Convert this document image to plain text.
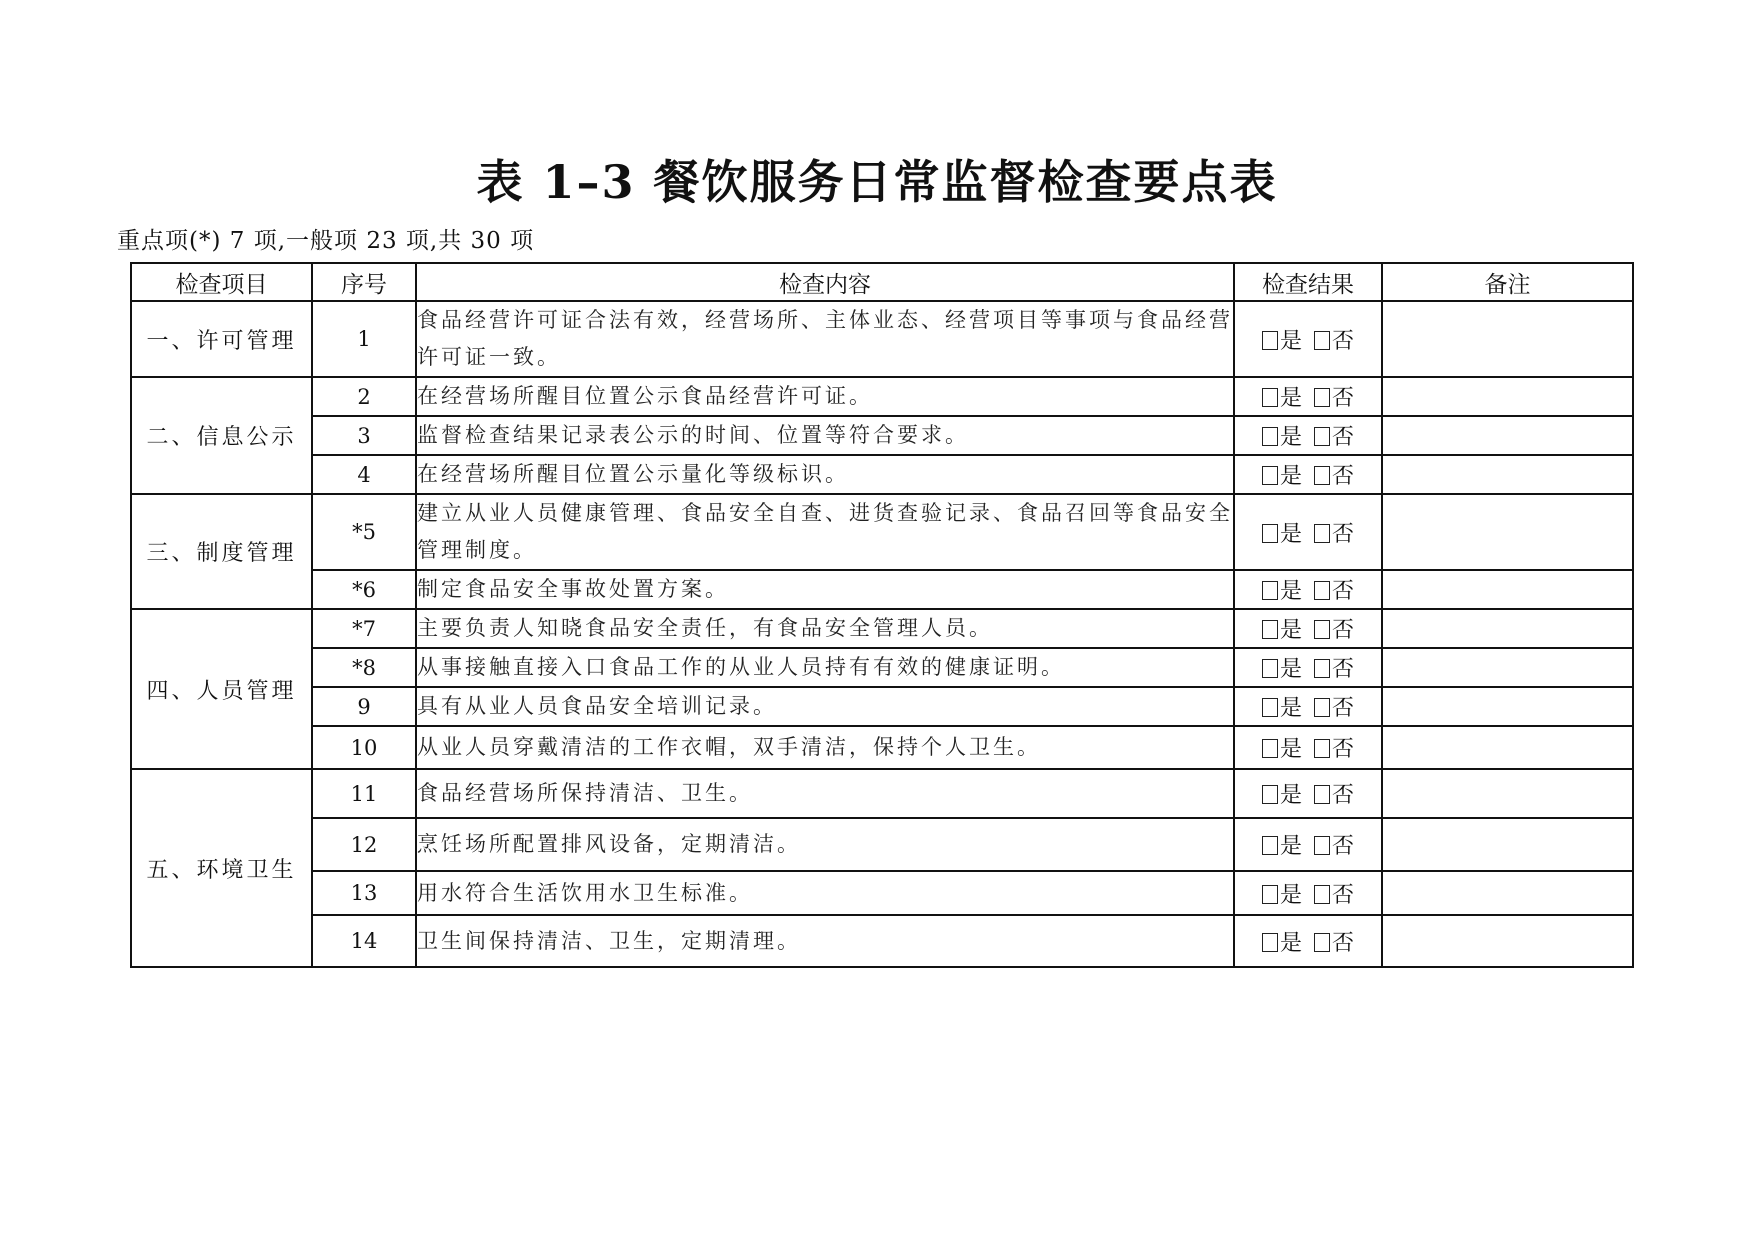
表 1–3 餐饮服务日常监督检查要点表
重点项(*) 7 项,一般项 23 项,共 30 项
检查项目	序号	检查内容	检查结果	备注
一、许可管理	1	食品经营许可证合法有效，经营场所、主体业态、经营项目等事项与食品经营许可证一致。	是 否	
二、信息公示	2	在经营场所醒目位置公示食品经营许可证。	是 否	
	3	监督检查结果记录表公示的时间、位置等符合要求。	是 否	
	4	在经营场所醒目位置公示量化等级标识。	是 否	
三、制度管理	*5	建立从业人员健康管理、食品安全自查、进货查验记录、食品召回等食品安全管理制度。	是 否	
	*6	制定食品安全事故处置方案。	是 否	
四、人员管理	*7	主要负责人知晓食品安全责任，有食品安全管理人员。	是 否	
	*8	从事接触直接入口食品工作的从业人员持有有效的健康证明。	是 否	
	9	具有从业人员食品安全培训记录。	是 否	
	10	从业人员穿戴清洁的工作衣帽，双手清洁，保持个人卫生。	是 否	
五、环境卫生	11	食品经营场所保持清洁、卫生。	是 否	
	12	烹饪场所配置排风设备，定期清洁。	是 否	
	13	用水符合生活饮用水卫生标准。	是 否	
	14	卫生间保持清洁、卫生，定期清理。	是 否	
